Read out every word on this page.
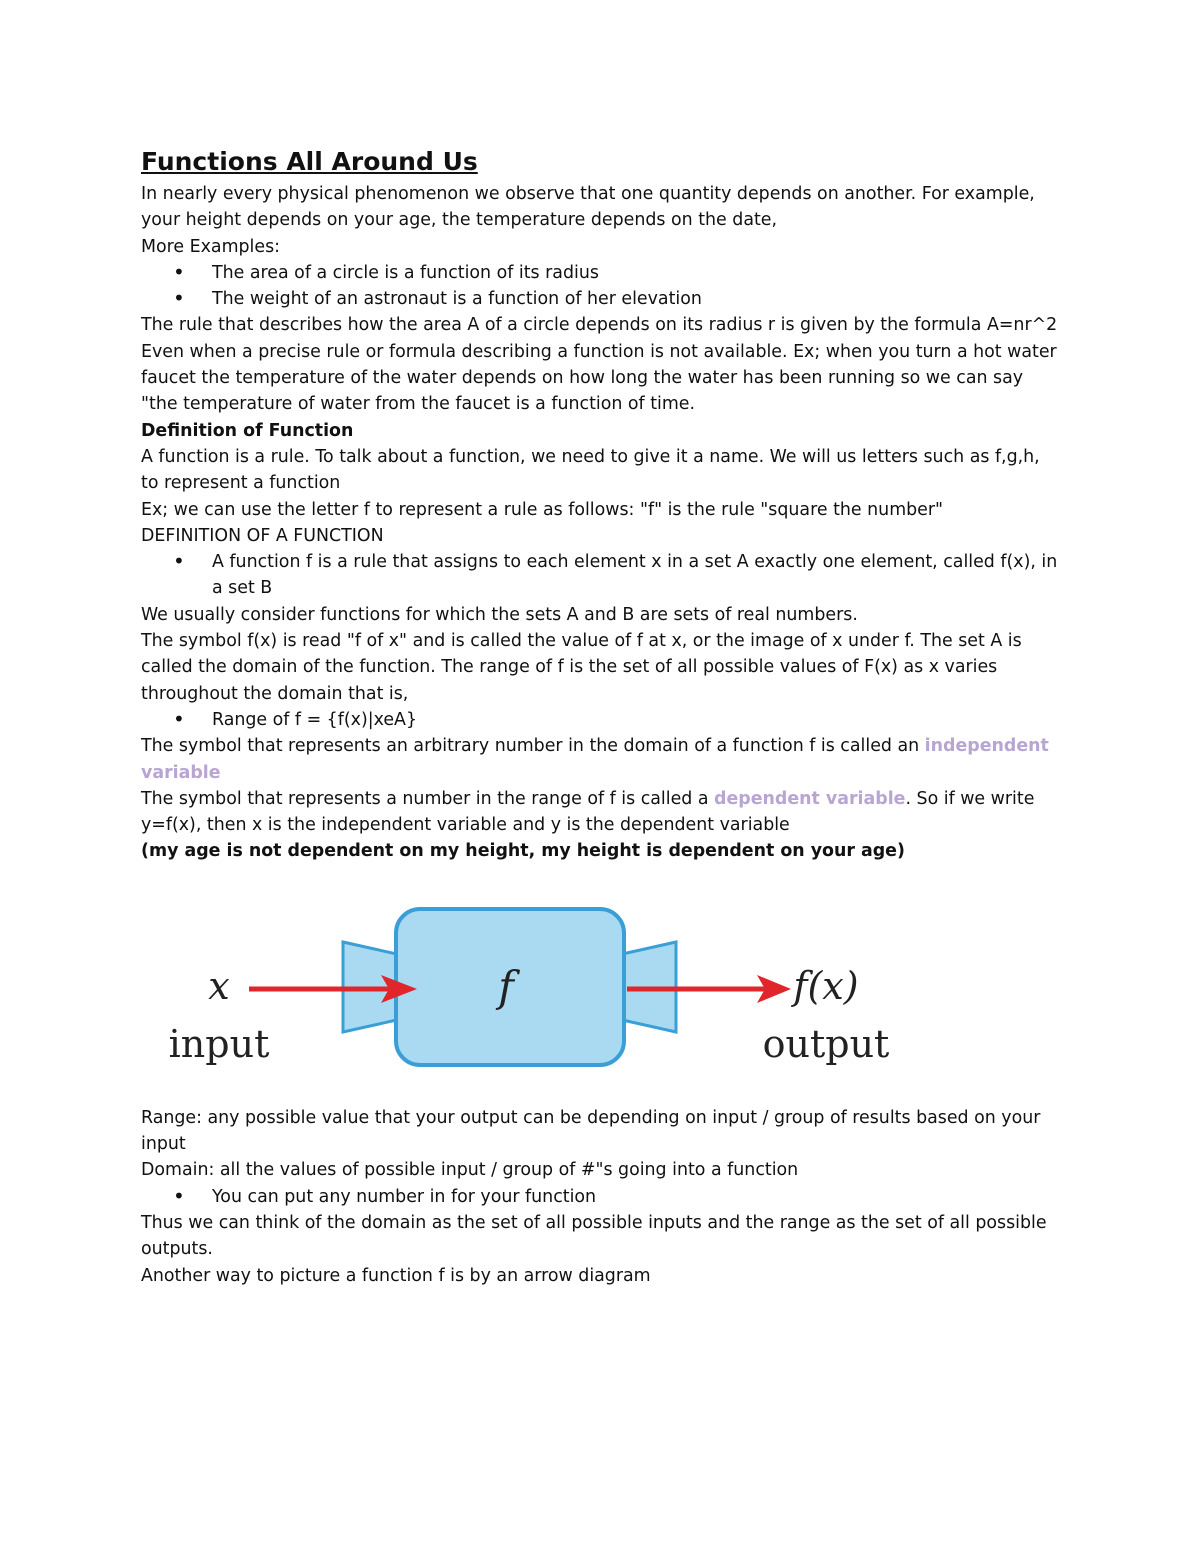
Functions All Around Us

In nearly every physical phenomenon we observe that one quantity depends on another. For example, your height depends on your age, the temperature depends on the date,

More Examples:

• The area of a circle is a function of its radius
• The weight of an astronaut is a function of her elevation

The rule that describes how the area A of a circle depends on its radius r is given by the formula A=nr^2

Even when a precise rule or formula describing a function is not available. Ex; when you turn a hot water faucet the temperature of the water depends on how long the water has been running so we can say "the temperature of water from the faucet is a function of time.

Definition of Function

A function is a rule. To talk about a function, we need to give it a name. We will us letters such as f,g,h, to represent a function

Ex; we can use the letter f to represent a rule as follows: "f" is the rule "square the number"

DEFINITION OF A FUNCTION

• A function f is a rule that assigns to each element x in a set A exactly one element, called f(x), in a set B

We usually consider functions for which the sets A and B are sets of real numbers.

The symbol f(x) is read "f of x" and is called the value of f at x, or the image of x under f. The set A is called the domain of the function. The range of f is the set of all possible values of F(x) as x varies throughout the domain that is,

• Range of f = {f(x)|xeA}

The symbol that represents an arbitrary number in the domain of a function f is called an independent variable

The symbol that represents a number in the range of f is called a dependent variable. So if we write y=f(x), then x is the independent variable and y is the dependent variable

(my age is not dependent on my height, my height is dependent on your age)

x
input
f	f(x)
output

Range: any possible value that your output can be depending on input / group of results based on your input

Domain: all the values of possible input / group of #"s going into a function

• You can put any number in for your function

Thus we can think of the domain as the set of all possible inputs and the range as the set of all possible outputs.

Another way to picture a function f is by an arrow diagram
